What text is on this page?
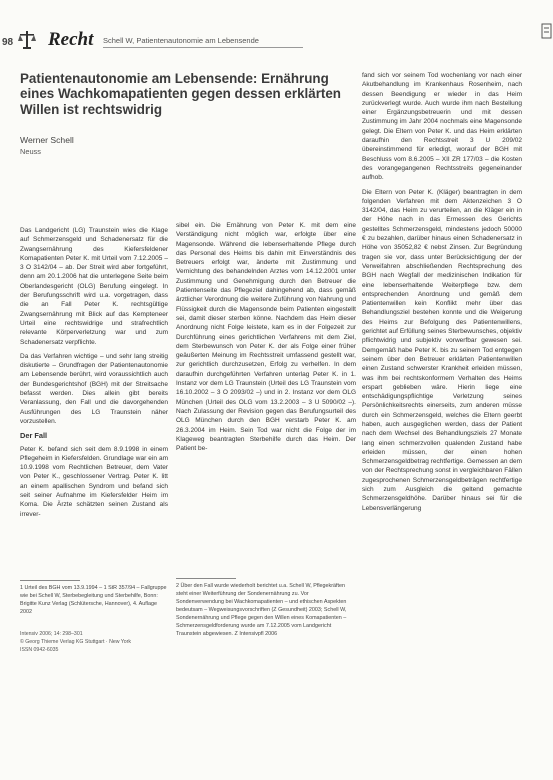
98 Recht Schell W, Patientenautonomie am Lebensende
Patientenautonomie am Lebensende: Ernährung eines Wachkomapatienten gegen dessen erklärten Willen ist rechtswidrig
Werner Schell
Neuss

Das Landgericht (LG) Traunstein wies die Klage auf Schmerzensgeld und Schadenersatz für die Zwangsernährung des Kiefersfeldener Komapatienten Peter K. mit Urteil vom 7.12.2005 – 3 O 3142/04 – ab. Der Streit wird aber fortgeführt, denn am 20.1.2006 hat die unterlegene Seite beim Oberlandesgericht (OLG) Berufung eingelegt. In der Berufungsschrift wird u.a. vorgetragen, dass die an Fall Peter K. rechtsgültige Zwangsernährung mit Blick auf das Kempteneer Urteil eine rechtswidrige und strafrechtlich relevante Körperverletzung war und zum Schadenersatz verpflichte.

Da das Verfahren wichtige – und sehr lang streitig diskutierte – Grundfragen der Patientenautonomie am Lebensende berührt, wird voraussichtlich auch der Bundesgerichtshof (BGH) mit der Streitsache befasst werden. Dies allein gibt bereits Veranlassung, den Fall und die davorgehenden Ausführungen des LG Traunstein näher vorzustellen.

Der Fall

Peter K. befand sich seit dem 8.9.1998 in einem Pflegeheim in Kiefersfelden. Grundlage war ein am 10.9.1998 vom Rechtlichen Betreuer, dem Vater von Peter K., geschlossener Vertrag. Peter K. litt an einem apallischen Syndrom und befand sich seit seiner Aufnahme im Kiefersfelder Heim im Koma. Die Ärzte schätzten seinen Zustand als irrever-

sibel ein. Die Ernährung von Peter K. mit dem eine Verständigung nicht möglich war, erfolgte über eine Magensonde. Während die lebenserhaltende Pflege durch das Personal des Heims bis dahin mit Einverständnis des Betreuers erfolgt war, änderte mit Zustimmung und Vernichtung des behandelnden Arztes vom 14.12.2001 unter Zustimmung und Genehmigung durch den Betreuer die Patientenseite das Pflegeziel dahingehend ab, dass gemäß ärztlicher Verordnung die weitere Zuführung von Nahrung und Flüssigkeit durch die Magensonde beim Patienten eingestellt sei, damit dieser sterben könne. Nachdem das Heim dieser Anordnung nicht Folge leistete, kam es in der Folgezeit zur Durchführung eines gerichtlichen Verfahrens mit dem Ziel, dem Sterbewunsch von Peter K. der als Folge einer früher geäußerten Meinung im Rechtsstreit umfassend gestellt war, zur gerichtlich durchzusetzen, Erfolg zu verhelfen. In dem daraufhin durchgeführten Verfahren unterlag Peter K. in 1. Instanz vor dem LG Traunstein (Urteil des LG Traunstein vom 16.10.2002 – 3 O 2093/02 –) und in 2. Instanz vor dem OLG München (Urteil des OLG vom 13.2.2003 – 3 U 5090/02 –). Nach Zulassung der Revision gegen das Berufungsurteil des OLG München durch den BGH verstarb Peter K. am 26.3.2004 im Heim. Sein Tod war nicht die Folge der im Klageweg beantragten Sterbehilfe durch das Heim. Der Patient be-

fand sich vor seinem Tod wochenlang vor nach einer Akutbehandlung im Krankenhaus Rosenheim, nach dessen Beendigung er wieder in das Heim zurückverlegt wurde. Auch wurde ihm nach Bestellung einer Ergänzungsbetreuerin und mit dessen Zustimmung im Jahr 2004 nochmals eine Magensonde gelegt. Die Eltern von Peter K. und das Heim erklärten daraufhin den Rechtsstreit 3 U 209/02 übereinstimmend für erledigt, worauf der BGH mit Beschluss vom 8.6.2005 – XII ZR 177/03 – die Kosten des vorangegangenen Rechtsstreits gegeneinander aufhob.

Die Eltern von Peter K. (Kläger) beantragten in dem folgenden Verfahren mit dem Aktenzeichen 3 O 3142/04, das Heim zu verurteilen, an die Kläger ein in der Höhe nach in das Ermessen des Gerichts gestelltes Schmerzensgeld, mindestens jedoch 50000 € zu bezahlen, darüber hinaus einen Schadenersatz in Höhe von 35052,82 € nebst Zinsen. Zur Begründung tragen sie vor, dass unter Berücksichtigung der der Verweifahren abschließenden Rechtsprechung des BGH nach Wegfall der medizinischen Indikation für eine lebenserhaltende Weiterpflege bzw. dem entsprechenden Anordnung und gemäß dem Patientenwillen kein Konflikt mehr über das Behandlungsziel bestehen konnte und die Weigerung des Heims zur Befolgung des Patientenwillens, gerichtet auf Erfüllung seines Sterbewunsches, objektiv pflichtwidrig und subjektiv vorwerfbar gewesen sei. Demgemäß habe Peter K. bis zu seinem Tod entgegen seinem über den Betreuer erklärten Patientenwillen einen Zustand schwerster Krankheit erleiden müssen, was ihm bei rechtskonformem Verhalten des Heims erspart geblieben wäre. Hierin liege eine entschädigungspflichtige Verletzung seines Persönlichkeitsrechts einerseits, zum anderen müsse durch ein Schmerzensgeld, welches die Eltern geerbt haben, auch ausgeglichen werden, dass der Patient nach dem Wechsel des Behandlungsziels 27 Monate lang einen schmerzvollen qualenden Zustand habe erleiden müssen, der einen hohen Schmerzensgeldbetrag rechtfertige. Gemessen an dem von der Rechtsprechung sonst in vergleichbaren Fällen zugesprochenen Schmerzensgeldbeträgen rechtfertige sich zum Ausgleich die geltend gemachte Schmerzensgeldhöhe. Darüber hinaus sei für die Lebensverlängerung

1 Urteil des BGH vom 13.9.1994 – 1 StR 357/94 – Fallgruppe wie bei Schell W, Sterbebegleitung und Sterbehilfe, Bonn: Brigitte Kunz Verlag (Schlütersche, Hannover), 4. Auflage 2002
2 Über den Fall wurde wiederholt berichtet u.a. Schell W, Pflegekräften steht einer Weiterführung der Sondenernährung zu. Vor Sondenverwendung bei Wachkomapatienten – und ethischen Aspekten bedeutsam – Wegweisungsvorschriften (Z Gesundheit) 2003; Schell W, Sondenernährung und Pflege gegen den Willen eines Komapatienten – Schmerzensgeldforderung wurde am 7.12.2005 vom Landgericht Traunstein abgewiesen. Z Intensivpfl 2006
Intensiv 2006; 14: 298–301
© Georg Thieme Verlag KG Stuttgart · New York
ISSN 0942-6035
